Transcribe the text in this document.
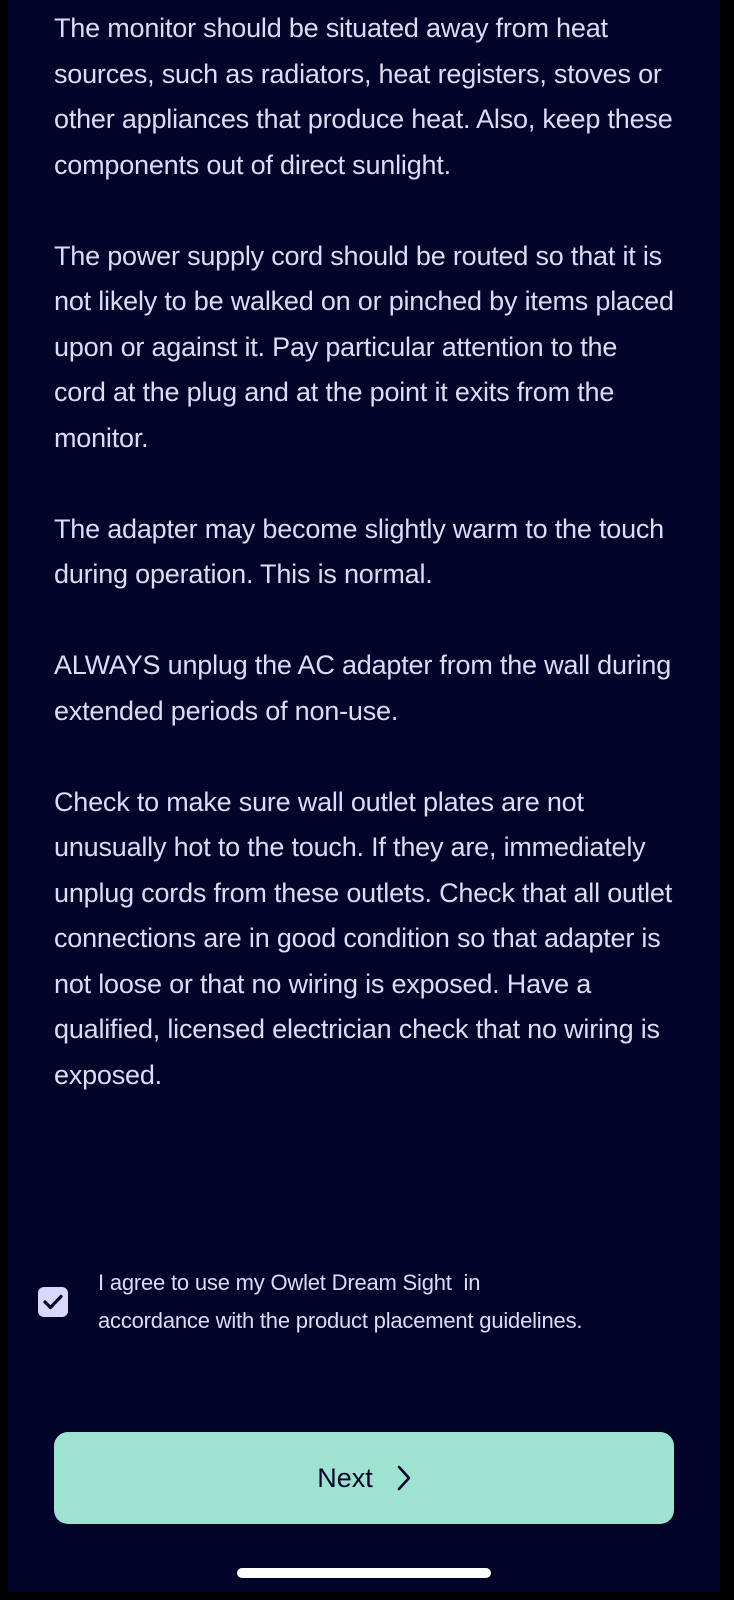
The monitor should be situated away from heat sources, such as radiators, heat registers, stoves or other appliances that produce heat. Also, keep these components out of direct sunlight.

The power supply cord should be routed so that it is not likely to be walked on or pinched by items placed upon or against it. Pay particular attention to the cord at the plug and at the point it exits from the monitor.

The adapter may become slightly warm to the touch during operation. This is normal.

ALWAYS unplug the AC adapter from the wall during extended periods of non-use.

Check to make sure wall outlet plates are not unusually hot to the touch. If they are, immediately unplug cords from these outlets. Check that all outlet connections are in good condition so that adapter is not loose or that no wiring is exposed. Have a qualified, licensed electrician check that no wiring is exposed.

I agree to use my Owlet Dream Sight  in
accordance with the product placement guidelines.
Next
